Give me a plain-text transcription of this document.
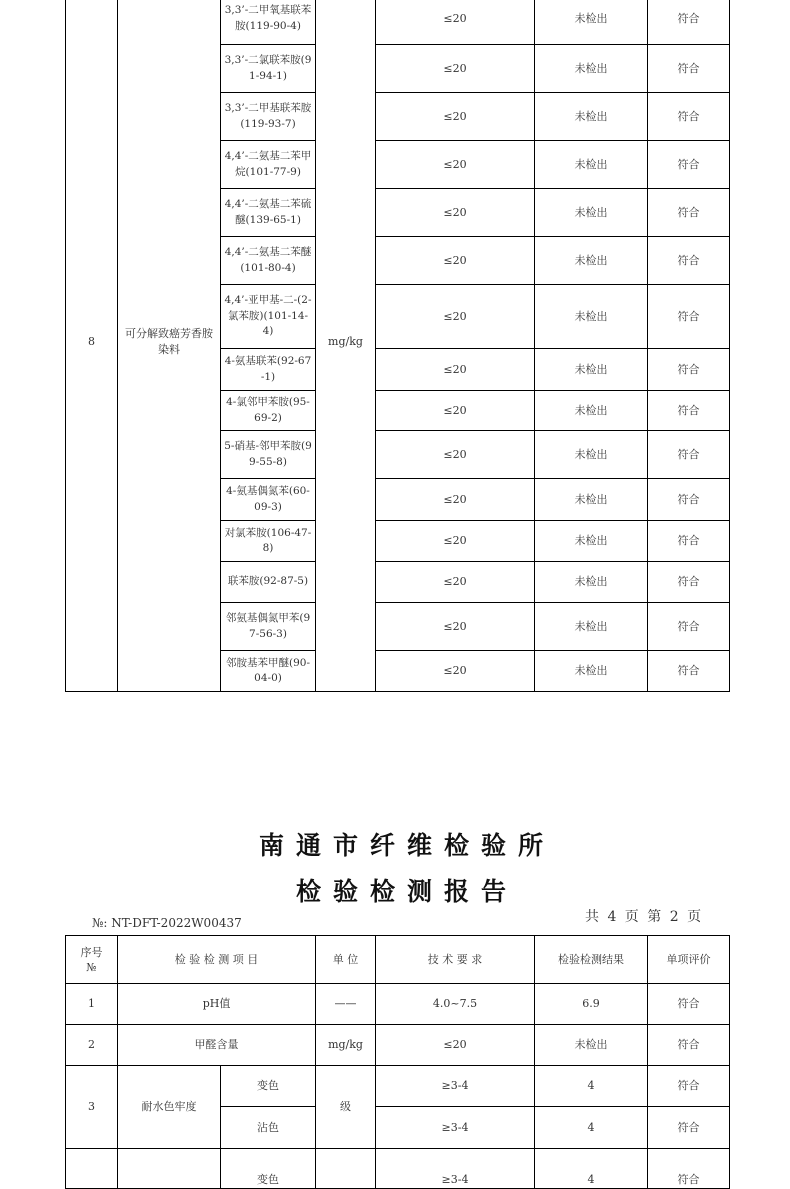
8	可分解致癌芳香胺染料	3,3’-二甲氧基联苯胺(119-90-4)	mg/kg	≤20	未检出	符合
		3,3’-二氯联苯胺(91-94-1)		≤20	未检出	符合
		3,3’-二甲基联苯胺(119-93-7)		≤20	未检出	符合
		4,4’-二氨基二苯甲烷(101-77-9)		≤20	未检出	符合
		4,4’-二氨基二苯硫醚(139-65-1)		≤20	未检出	符合
		4,4’-二氨基二苯醚(101-80-4)		≤20	未检出	符合
		4,4’-亚甲基-二-(2-氯苯胺)(101-14-4)		≤20	未检出	符合
		4-氨基联苯(92-67-1)		≤20	未检出	符合
		4-氯邻甲苯胺(95-69-2)		≤20	未检出	符合
		5-硝基-邻甲苯胺(99-55-8)		≤20	未检出	符合
		4-氨基偶氮苯(60-09-3)		≤20	未检出	符合
		对氯苯胺(106-47-8)		≤20	未检出	符合
		联苯胺(92-87-5)		≤20	未检出	符合
		邻氨基偶氮甲苯(97-56-3)		≤20	未检出	符合
		邻胺基苯甲醚(90-04-0)		≤20	未检出	符合
南通市纤维检验所
检验检测报告
№: NT-DFT-2022W00437	共 4 页 第 2 页
序号
№	检 验 检 测 项 目		单 位	技 术 要 求	检验检测结果	单项评价
1	pH值		——	4.0~7.5	6.9	符合
2	甲醛含量		mg/kg	≤20	未检出	符合
3	耐水色牢度	变色	级	≥3-4	4	符合
		沾色		≥3-4	4	符合
		变色		≥3-4	4	符合
